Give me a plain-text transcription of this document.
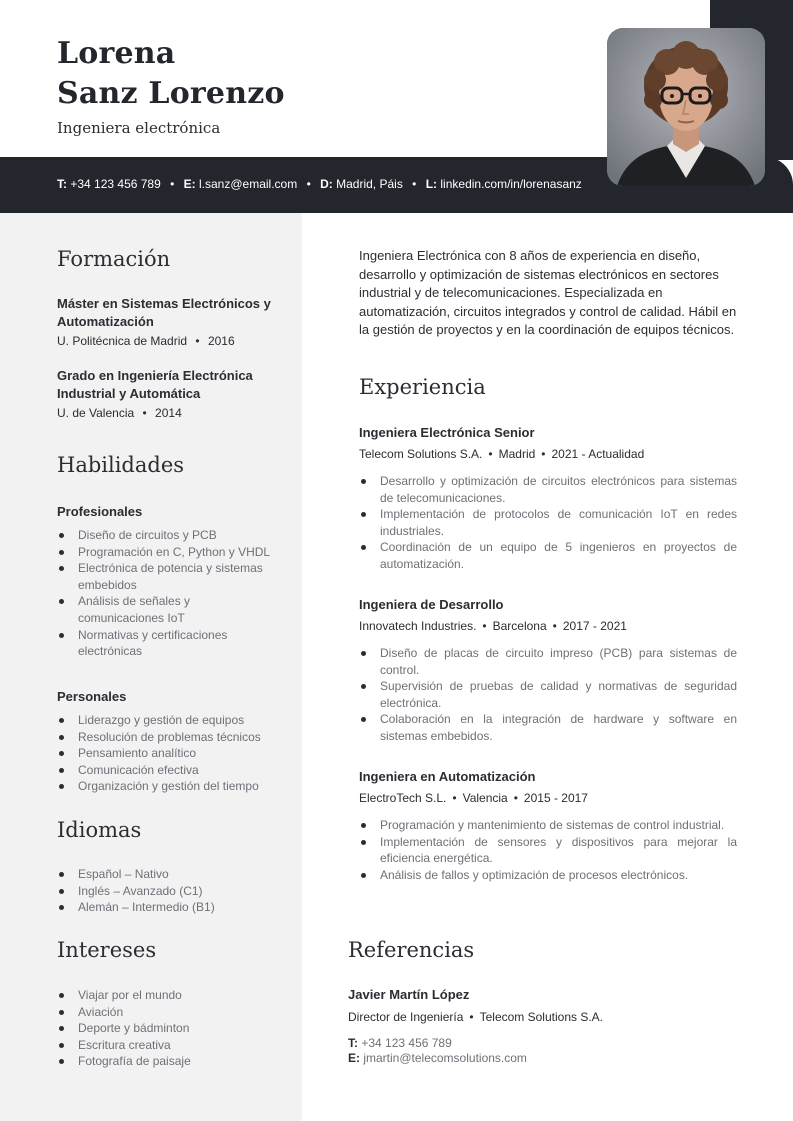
Lorena
Sanz Lorenzo
Ingeniera electrónica
T: +34 123 456 789 • E: l.sanz@email.com • D: Madrid, Páis • L: linkedin.com/in/lorenasanz
Formación
Máster en Sistemas Electrónicos y Automatización
U. Politécnica de Madrid • 2016
Grado en Ingeniería Electrónica Industrial y Automática
U. de Valencia • 2014
Habilidades
Profesionales
Diseño de circuitos y PCB
Programación en C, Python y VHDL
Electrónica de potencia y sistemas embebidos
Análisis de señales y comunicaciones IoT
Normativas y certificaciones electrónicas
Personales
Liderazgo y gestión de equipos
Resolución de problemas técnicos
Pensamiento analítico
Comunicación efectiva
Organización y gestión del tiempo
Idiomas
Español – Nativo
Inglés – Avanzado (C1)
Alemán – Intermedio (B1)
Intereses
Viajar por el mundo
Aviación
Deporte y bádminton
Escritura creativa
Fotografía de paisaje
Ingeniera Electrónica con 8 años de experiencia en diseño, desarrollo y optimización de sistemas electrónicos en sectores industrial y de telecomunicaciones. Especializada en automatización, circuitos integrados y control de calidad. Hábil en la gestión de proyectos y en la coordinación de equipos técnicos.
Experiencia
Ingeniera Electrónica Senior
Telecom Solutions S.A. • Madrid • 2021 - Actualidad
Desarrollo y optimización de circuitos electrónicos para sistemas de telecomunicaciones.
Implementación de protocolos de comunicación IoT en redes industriales.
Coordinación de un equipo de 5 ingenieros en proyectos de automatización.
Ingeniera de Desarrollo
Innovatech Industries. • Barcelona • 2017 - 2021
Diseño de placas de circuito impreso (PCB) para sistemas de control.
Supervisión de pruebas de calidad y normativas de seguridad electrónica.
Colaboración en la integración de hardware y software en sistemas embebidos.
Ingeniera en Automatización
ElectroTech S.L. • Valencia • 2015 - 2017
Programación y mantenimiento de sistemas de control industrial.
Implementación de sensores y dispositivos para mejorar la eficiencia energética.
Análisis de fallos y optimización de procesos electrónicos.
Referencias
Javier Martín López
Director de Ingeniería • Telecom Solutions S.A.
T: +34 123 456 789
E: jmartin@telecomsolutions.com
